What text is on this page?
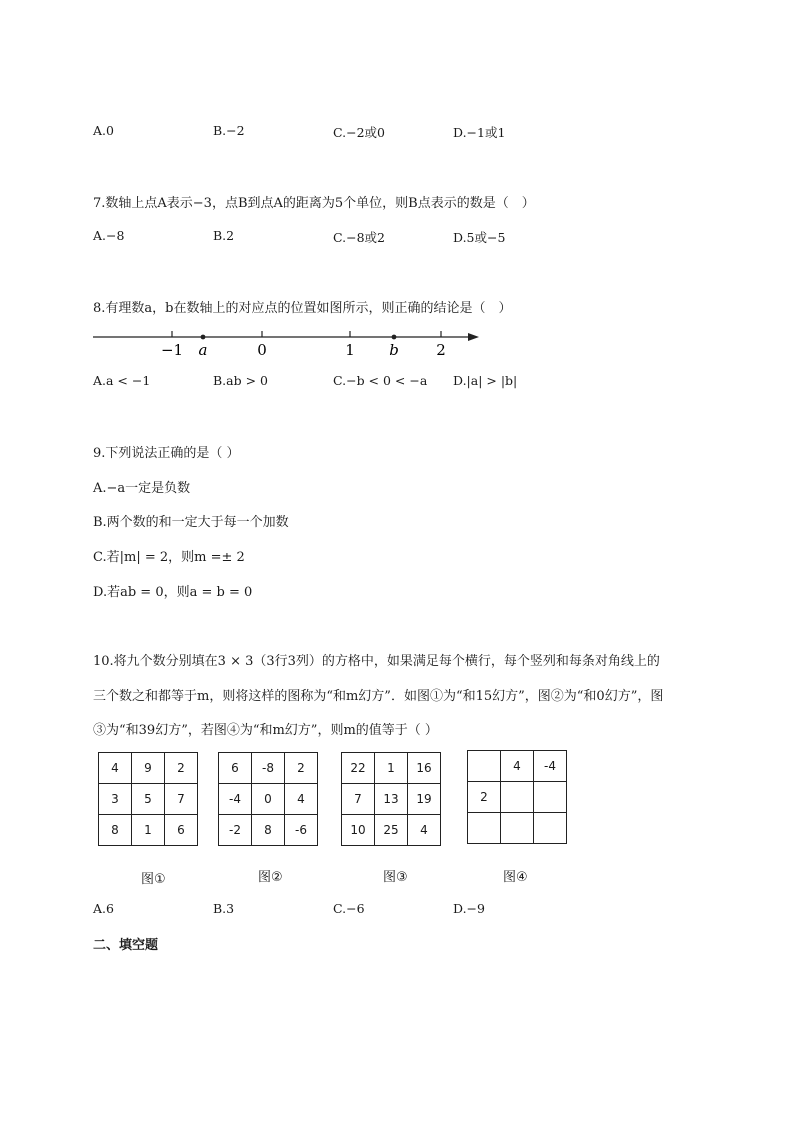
A.0	B.−2	C.−2或0	D.−1或1
7.数轴上点A表示−3，点B到点A的距离为5个单位，则B点表示的数是（　）
A.−8	B.2	C.−8或2	D.5或−5
8.有理数a，b在数轴上的对应点的位置如图所示，则正确的结论是（　）
−1 a	0	1 b 2
A.a < −1	B.ab > 0	C.−b < 0 < −a D.|a| > |b|
9.下列说法正确的是（ ）
A.−a一定是负数
B.两个数的和一定大于每一个加数
C.若|m| = 2，则m =± 2
D.若ab = 0，则a = b = 0
10.将九个数分别填在3 × 3（3行3列）的方格中，如果满足每个横行，每个竖列和每条对角线上的
三个数之和都等于m，则将这样的图称为“和m幻方”．如图①为“和15幻方”，图②为“和0幻方”，图
③为“和39幻方”，若图④为“和m幻方”，则m的值等于（ ）
4	9	2
3	5	7
8	1	6
图①
6	-8	2
-4	0	4
-2	8	-6
图②
22	1	16
7	13	19
10	25	4
图③
	4	-4
2		

图④
A.6	B.3	C.−6	D.−9
二、填空题
